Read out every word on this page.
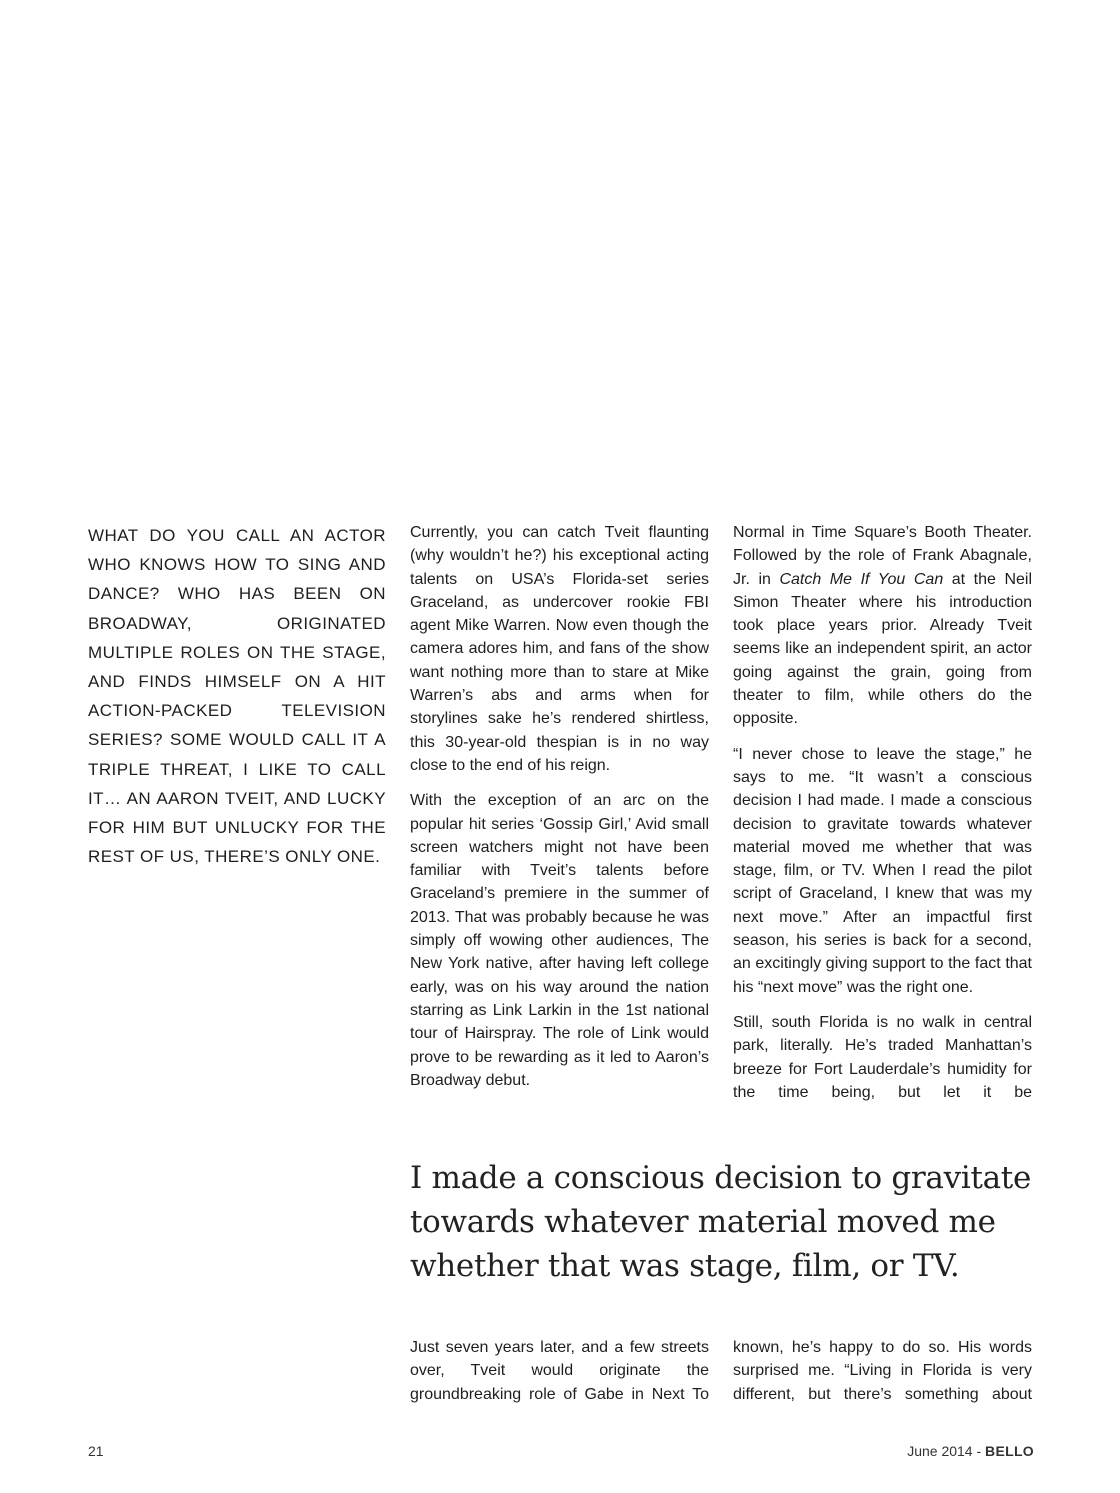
WHAT DO YOU CALL AN ACTOR WHO KNOWS HOW TO SING AND DANCE? WHO HAS BEEN ON BROADWAY, ORIGINATED MULTIPLE ROLES ON THE STAGE, AND FINDS HIMSELF ON A HIT ACTION-PACKED TELEVISION SERIES? SOME WOULD CALL IT A TRIPLE THREAT, I LIKE TO CALL IT… AN AARON TVEIT, AND LUCKY FOR HIM BUT UNLUCKY FOR THE REST OF US, THERE’S ONLY ONE.

Currently, you can catch Tveit flaunting (why wouldn’t he?) his exceptional acting talents on USA’s Florida-set series Graceland, as undercover rookie FBI agent Mike Warren. Now even though the camera adores him, and fans of the show want nothing more than to stare at Mike Warren’s abs and arms when for storylines sake he’s rendered shirtless, this 30-year-old thespian is in no way close to the end of his reign.

With the exception of an arc on the popular hit series ‘Gossip Girl,’ Avid small screen watchers might not have been familiar with Tveit’s talents before Graceland’s premiere in the summer of 2013. That was probably because he was simply off wowing other audiences, The New York native, after having left college early, was on his way around the nation starring as Link Larkin in the 1st national tour of Hairspray. The role of Link would prove to be rewarding as it led to Aaron’s Broadway debut.

Normal in Time Square’s Booth Theater. Followed by the role of Frank Abagnale, Jr. in Catch Me If You Can at the Neil Simon Theater where his introduction took place years prior. Already Tveit seems like an independent spirit, an actor going against the grain, going from theater to film, while others do the opposite.

“I never chose to leave the stage,” he says to me. “It wasn’t a conscious decision I had made. I made a conscious decision to gravitate towards whatever material moved me whether that was stage, film, or TV. When I read the pilot script of Graceland, I knew that was my next move.” After an impactful first season, his series is back for a second, an excitingly giving support to the fact that his “next move” was the right one.

Still, south Florida is no walk in central park, literally. He’s traded Manhattan’s breeze for Fort Lauderdale’s humidity for the time being, but let it be

I made a conscious decision to gravitate towards whatever material moved me whether that was stage, film, or TV.

Just seven years later, and a few streets over, Tveit would originate the groundbreaking role of Gabe in Next To

known, he’s happy to do so. His words surprised me. “Living in Florida is very different, but there’s something about

21	June 2014 - BELLO
